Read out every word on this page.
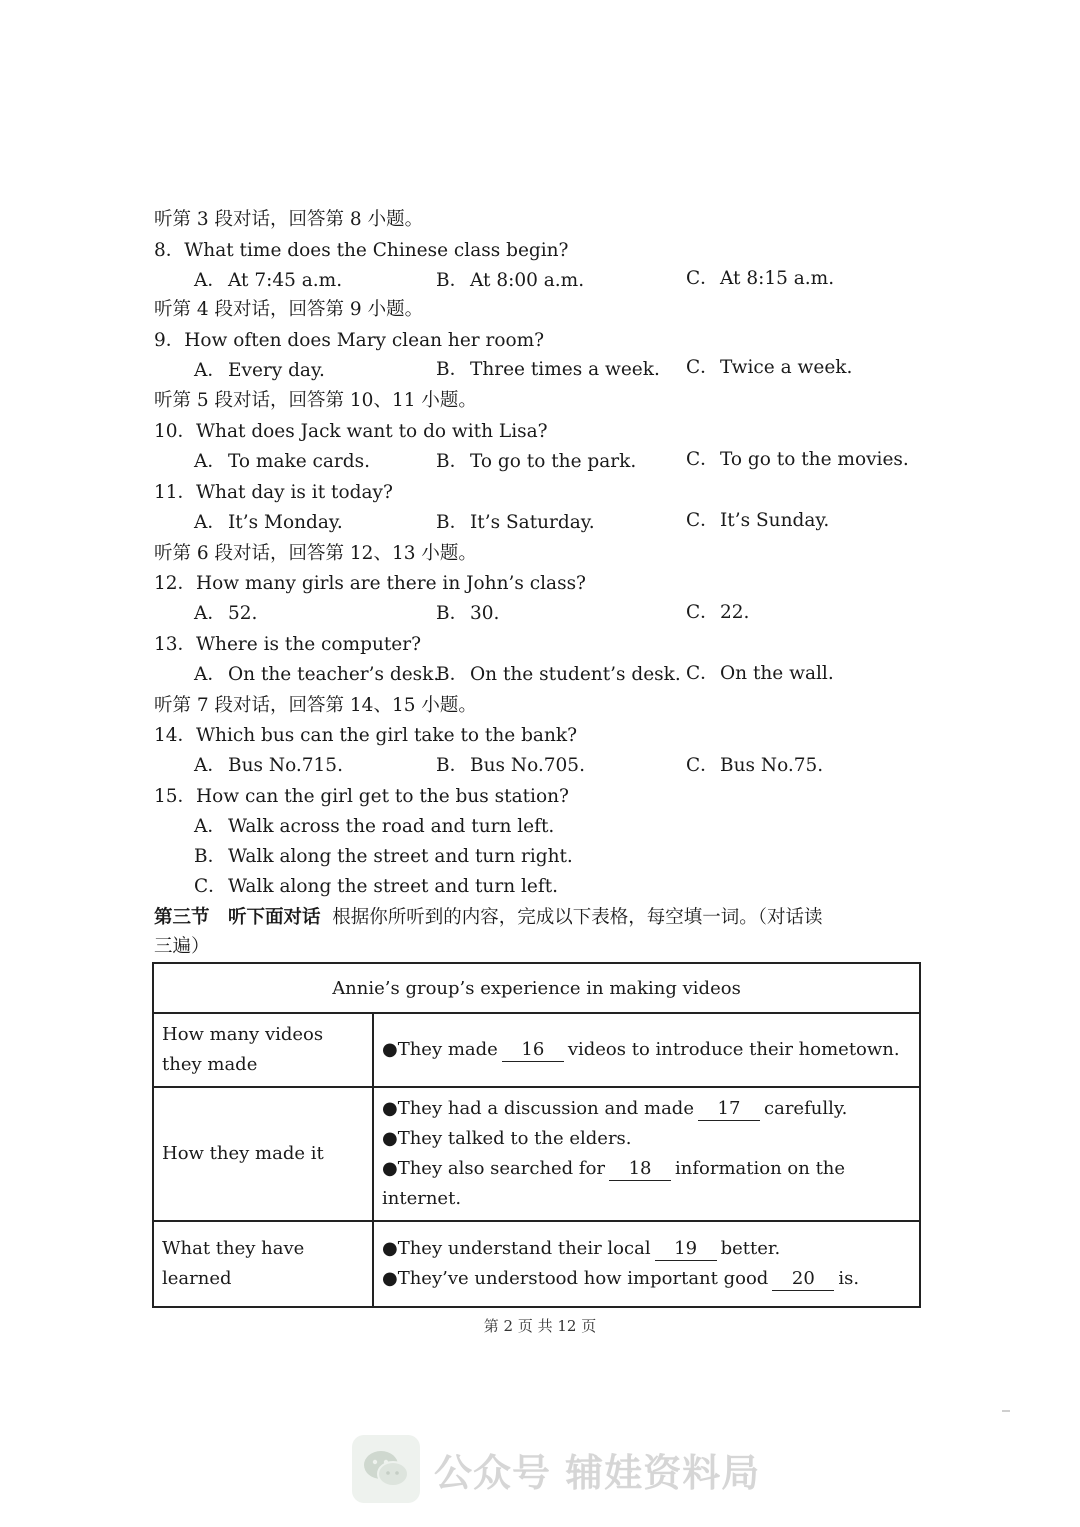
听第 3 段对话，回答第 8 小题。
8．What time does the Chinese class begin?
A． At 7:45 a.m.	B． At 8:00 a.m.	C．At 8:15 a.m.
听第 4 段对话，回答第 9 小题。
9．How often does Mary clean her room?
A． Every day.	B． Three times a week. C．Twice a week.
听第 5 段对话，回答第 10、11 小题。
10．What does Jack want to do with Lisa?
A． To make cards.	B． To go to the park.	C．To go to the movies.
11．What day is it today?
A． It’s Monday.	B． It’s Saturday.	C．It’s Sunday.
听第 6 段对话，回答第 12、13 小题。
12．How many girls are there in John’s class?
A． 52.	B． 30.	C．22.
13．Where is the computer?
A． On the teacher’s desk.
B． On the student’s desk. C．On the wall.
听第 7 段对话，回答第 14、15 小题。
14．Which bus can the girl take to the bank?
A． Bus No.715.	B． Bus No.705.	C．Bus No.75.
15．How can the girl get to the bus station?
A． Walk across the road and turn left.
B． Walk along the street and turn right.
C．Walk along the street and turn left.
第三节　听下面对话 根据你所听到的内容，完成以下表格，每空填一词。（对话读
三遍）
Annie’s group’s experience in making videos	
How many videos they made	●They made 16 videos to introduce their hometown.
How they made it	●They had a discussion and made 17 carefully.
●They talked to the elders.
●They also searched for 18 information on the internet.

What they have learned	●They understand their local 19 better.
●They’ve understood how important good 20 is.
第 2 页 共 12 页
公众号 辅娃资料局
